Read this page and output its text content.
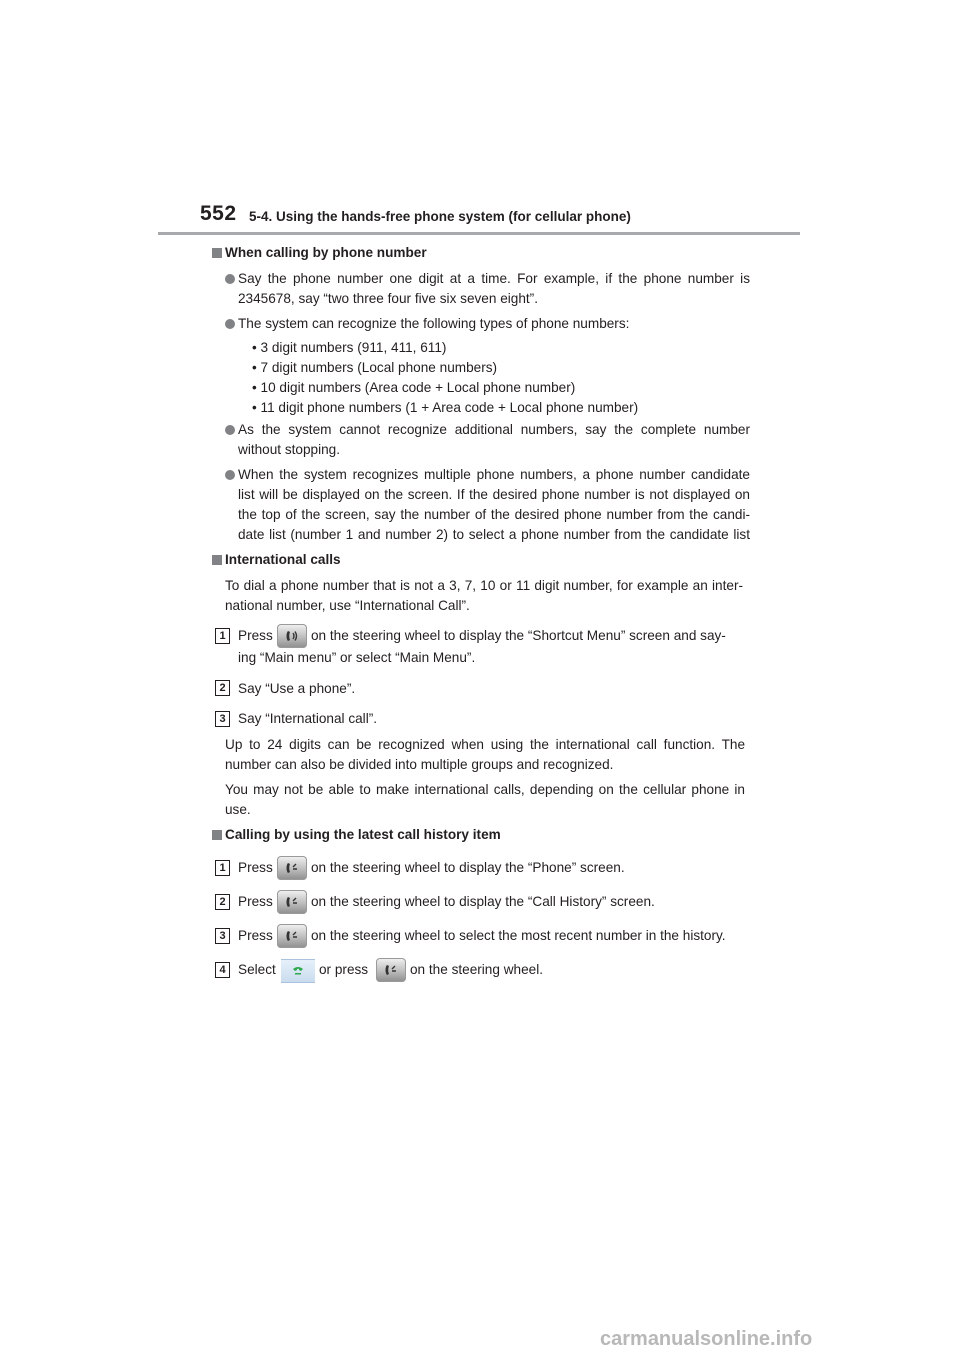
552 5-4. Using the hands-free phone system (for cellular phone)
When calling by phone number
Say the phone number one digit at a time. For example, if the phone number is
2345678, say “two three four five six seven eight”.
The system can recognize the following types of phone numbers:
• 3 digit numbers (911, 411, 611)
• 7 digit numbers (Local phone numbers)
• 10 digit numbers (Area code + Local phone number)
• 11 digit phone numbers (1 + Area code + Local phone number)
As the system cannot recognize additional numbers, say the complete number
without stopping.
When the system recognizes multiple phone numbers, a phone number candidate
list will be displayed on the screen. If the desired phone number is not displayed on
the top of the screen, say the number of the desired phone number from the candi-
date list (number 1 and number 2) to select a phone number from the candidate list
International calls
To dial a phone number that is not a 3, 7, 10 or 11 digit number, for example an inter-
national number, use “International Call”.
1 Press	on the steering wheel to display the “Shortcut Menu” screen and say-
ing “Main menu” or select “Main Menu”.
2 Say “Use a phone”.
3 Say “International call”.
Up to 24 digits can be recognized when using the international call function. The
number can also be divided into multiple groups and recognized.
You may not be able to make international calls, depending on the cellular phone in
use.
Calling by using the latest call history item
1 Press	on the steering wheel to display the “Phone” screen.
2 Press	on the steering wheel to display the “Call History” screen.
3 Press	on the steering wheel to select the most recent number in the history.
4 Select	or press	on the steering wheel.
carmanualsonline.info
